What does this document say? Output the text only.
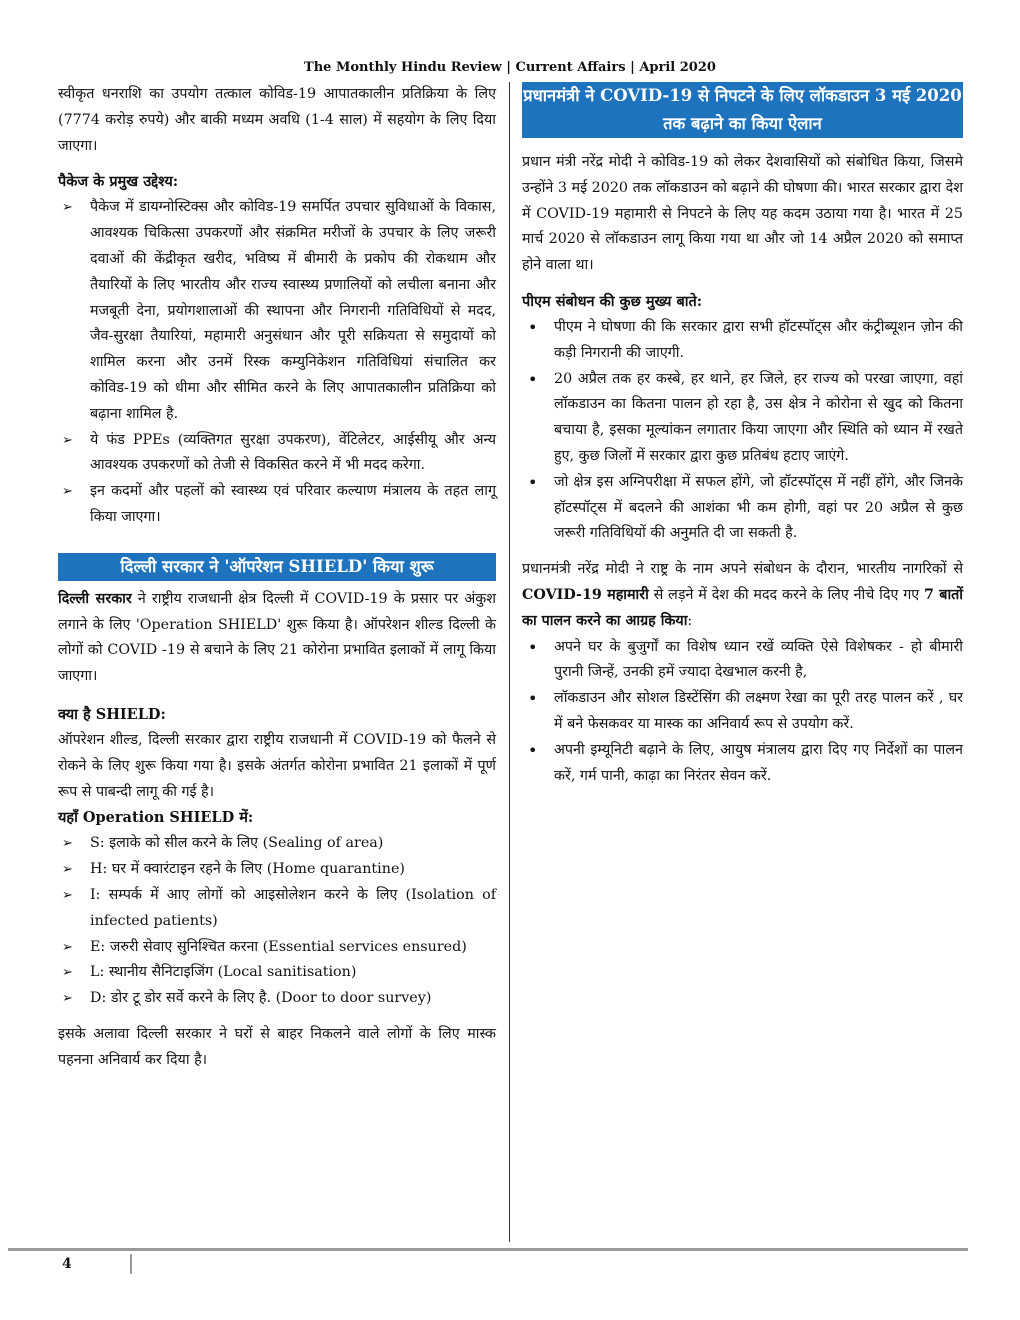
The Monthly Hindu Review | Current Affairs | April 2020

स्वीकृत धनराशि का उपयोग तत्काल कोविड-19 आपातकालीन प्रतिक्रिया के लिए (7774 करोड़ रुपये) और बाकी मध्यम अवधि (1-4 साल) में सहयोग के लिए दिया जाएगा।

पैकेज के प्रमुख उद्देश्य:
➢ पैकेज में डायग्नोस्टिक्स और कोविड-19 समर्पित उपचार सुविधाओं के विकास, आवश्यक चिकित्सा उपकरणों और संक्रमित मरीजों के उपचार के लिए जरूरी दवाओं की केंद्रीकृत खरीद, भविष्य में बीमारी के प्रकोप की रोकथाम और तैयारियों के लिए भारतीय और राज्य स्वास्थ्य प्रणालियों को लचीला बनाना और मजबूती देना, प्रयोगशालाओं की स्थापना और निगरानी गतिविधियों से मदद, जैव-सुरक्षा तैयारियां, महामारी अनुसंधान और पूरी सक्रियता से समुदायों को शामिल करना और उनमें रिस्क कम्युनिकेशन गतिविधियां संचालित कर कोविड-19 को धीमा और सीमित करने के लिए आपातकालीन प्रतिक्रिया को बढ़ाना शामिल है.
➢ ये फंड PPEs (व्यक्तिगत सुरक्षा उपकरण), वेंटिलेटर, आईसीयू और अन्य आवश्यक उपकरणों को तेजी से विकसित करने में भी मदद करेगा.
➢ इन कदमों और पहलों को स्वास्थ्य एवं परिवार कल्याण मंत्रालय के तहत लागू किया जाएगा।
दिल्ली सरकार ने 'ऑपरेशन SHIELD' किया शुरू

दिल्ली सरकार ने राष्ट्रीय राजधानी क्षेत्र दिल्ली में COVID-19 के प्रसार पर अंकुश लगाने के लिए 'Operation SHIELD' शुरू किया है। ऑपरेशन शील्ड दिल्ली के लोगों को COVID -19 से बचाने के लिए 21 कोरोना प्रभावित इलाकों में लागू किया जाएगा।

क्या है SHIELD:

ऑपरेशन शील्ड, दिल्ली सरकार द्वारा राष्ट्रीय राजधानी में COVID-19 को फैलने से रोकने के लिए शुरू किया गया है। इसके अंतर्गत कोरोना प्रभावित 21 इलाकों में पूर्ण रूप से पाबन्दी लागू की गई है।

यहाँ Operation SHIELD में:
➢ S: इलाके को सील करने के लिए (Sealing of area)
➢ H: घर में क्वारंटाइन रहने के लिए (Home quarantine)
➢ I: सम्पर्क में आए लोगों को आइसोलेशन करने के लिए (Isolation of infected patients)
➢ E: जरुरी सेवाए सुनिश्चित करना (Essential services ensured)
➢ L: स्थानीय सैनिटाइजिंग (Local sanitisation)
➢ D: डोर टू डोर सर्वे करने के लिए है. (Door to door survey)

इसके अलावा दिल्ली सरकार ने घरों से बाहर निकलने वाले लोगों के लिए मास्क पहनना अनिवार्य कर दिया है।

प्रधानमंत्री ने COVID-19 से निपटने के लिए लॉकडाउन 3 मई 2020 तक बढ़ाने का किया ऐलान

प्रधान मंत्री नरेंद्र मोदी ने कोविड-19 को लेकर देशवासियों को संबोधित किया, जिसमे उन्होंने 3 मई 2020 तक लॉकडाउन को बढ़ाने की घोषणा की। भारत सरकार द्वारा देश में COVID-19 महामारी से निपटने के लिए यह कदम उठाया गया है। भारत में 25 मार्च 2020 से लॉकडाउन लागू किया गया था और जो 14 अप्रैल 2020 को समाप्त होने वाला था।

पीएम संबोधन की कुछ मुख्य बाते:
• पीएम ने घोषणा की कि सरकार द्वारा सभी हॉटस्पॉट्स और कंट्रीब्यूशन ज़ोन की कड़ी निगरानी की जाएगी.
• 20 अप्रैल तक हर कस्बे, हर थाने, हर जिले, हर राज्य को परखा जाएगा, वहां लॉकडाउन का कितना पालन हो रहा है, उस क्षेत्र ने कोरोना से खुद को कितना बचाया है, इसका मूल्यांकन लगातार किया जाएगा और स्थिति को ध्यान में रखते हुए, कुछ जिलों में सरकार द्वारा कुछ प्रतिबंध हटाए जाएंगे.
• जो क्षेत्र इस अग्निपरीक्षा में सफल होंगे, जो हॉटस्पॉट्स में नहीं होंगे, और जिनके हॉटस्पॉट्स में बदलने की आशंका भी कम होगी, वहां पर 20 अप्रैल से कुछ जरूरी गतिविधियों की अनुमति दी जा सकती है.

प्रधानमंत्री नरेंद्र मोदी ने राष्ट्र के नाम अपने संबोधन के दौरान, भारतीय नागरिकों से COVID-19 महामारी से लड़ने में देश की मदद करने के लिए नीचे दिए गए 7 बातों का पालन करने का आग्रह किया:

• अपने घर के बुजुर्गों का विशेष ध्यान रखें व्यक्ति ऐसे विशेषकर - हो बीमारी पुरानी जिन्हें, उनकी हमें ज्यादा देखभाल करनी है,
• लॉकडाउन और सोशल डिस्टेंसिंग की लक्ष्मण रेखा का पूरी तरह पालन करें , घर में बने फेसकवर या मास्क का अनिवार्य रूप से उपयोग करें.
• अपनी इम्यूनिटी बढ़ाने के लिए, आयुष मंत्रालय द्वारा दिए गए निर्देशों का पालन करें, गर्म पानी, काढ़ा का निरंतर सेवन करें.
4
